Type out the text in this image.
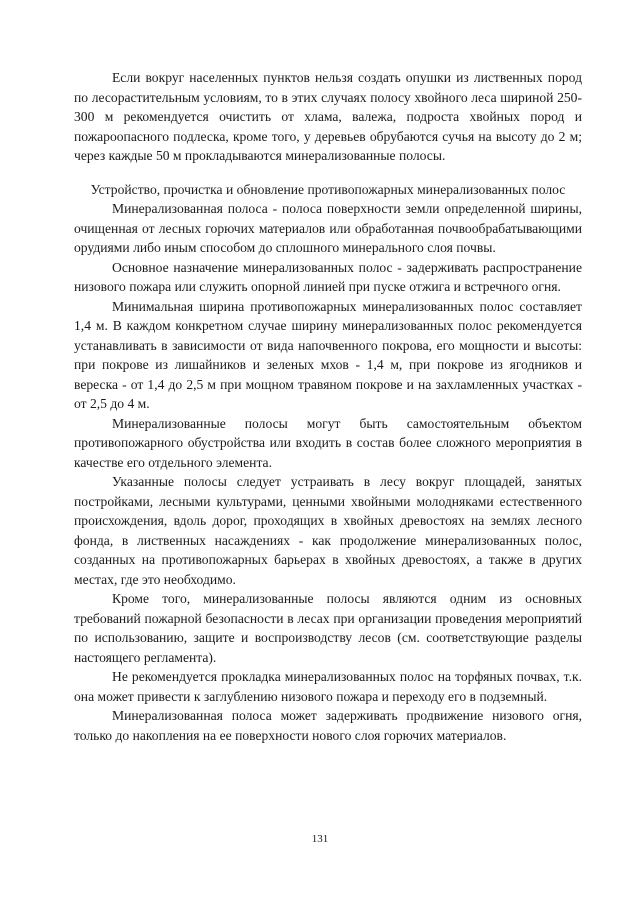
Если вокруг населенных пунктов нельзя создать опушки из лиственных пород по лесорастительным условиям, то в этих случаях полосу хвойного леса шириной 250-300 м рекомендуется очистить от хлама, валежа, подроста хвойных пород и пожароопасного подлеска, кроме того, у деревьев обрубаются сучья на высоту до 2 м; через каждые 50 м прокладываются минерализованные полосы.

Устройство, прочистка и обновление противопожарных минерализованных полос

Минерализованная полоса - полоса поверхности земли определенной ширины, очищенная от лесных горючих материалов или обработанная почвообрабатывающими орудиями либо иным способом до сплошного минерального слоя почвы.

Основное назначение минерализованных полос - задерживать распространение низового пожара или служить опорной линией при пуске отжига и встречного огня.

Минимальная ширина противопожарных минерализованных полос составляет 1,4 м. В каждом конкретном случае ширину минерализованных полос рекомендуется устанавливать в зависимости от вида напочвенного покрова, его мощности и высоты: при покрове из лишайников и зеленых мхов - 1,4 м, при покрове из ягодников и вереска - от 1,4 до 2,5 м при мощном травяном покрове и на захламленных участках - от 2,5 до 4 м.

Минерализованные полосы могут быть самостоятельным объектом противопожарного обустройства или входить в состав более сложного мероприятия в качестве его отдельного элемента.

Указанные полосы следует устраивать в лесу вокруг площадей, занятых постройками, лесными культурами, ценными хвойными молодняками естественного происхождения, вдоль дорог, проходящих в хвойных древостоях на землях лесного фонда, в лиственных насаждениях - как продолжение минерализованных полос, созданных на противопожарных барьерах в хвойных древостоях, а также в других местах, где это необходимо.

Кроме того, минерализованные полосы являются одним из основных требований пожарной безопасности в лесах при организации проведения мероприятий по использованию, защите и воспроизводству лесов (см. соответствующие разделы настоящего регламента).

Не рекомендуется прокладка минерализованных полос на торфяных почвах, т.к. она может привести к заглублению низового пожара и переходу его в подземный.

Минерализованная полоса может задерживать продвижение низового огня, только до накопления на ее поверхности нового слоя горючих материалов.

131
